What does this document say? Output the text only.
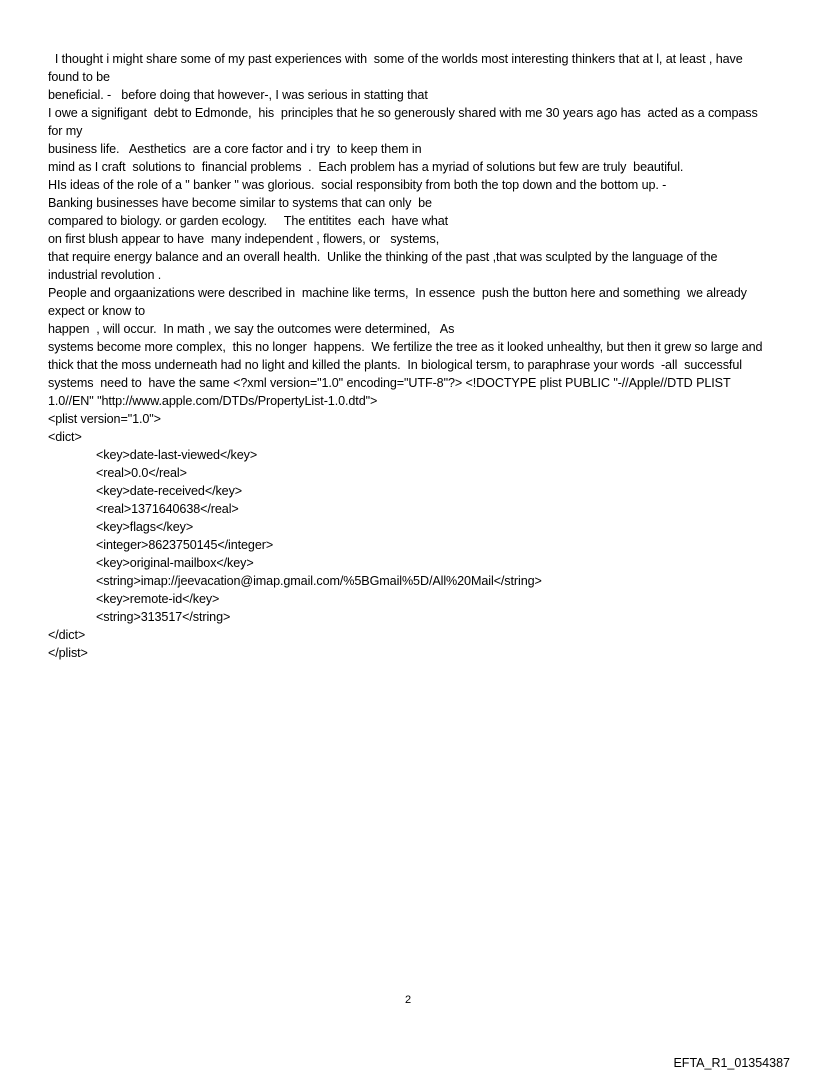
I thought i might share some of my past experiences with  some of the worlds most interesting thinkers that at l, at least , have found to be

beneficial. -   before doing that however-, I was serious in statting that

I owe a signifigant  debt to Edmonde,  his  principles that he so generously shared with me 30 years ago has  acted as a compass for my

business life.   Aesthetics  are a core factor and i try  to keep them in

mind as I craft  solutions to  financial problems  .  Each problem has a myriad of solutions but few are truly  beautiful.

HIs ideas of the role of a " banker " was glorious.  social responsibity from both the top down and the bottom up. -

Banking businesses have become similar to systems that can only  be

compared to biology. or garden ecology.     The entitites  each  have what

on first blush appear to have  many independent , flowers, or   systems,

that require energy balance and an overall health.  Unlike the thinking of the past ,that was sculpted by the language of the industrial revolution .

People and orgaanizations were described in  machine like terms,  In essence  push the button here and something  we already expect or know to

happen  , will occur.  In math , we say the outcomes were determined,   As

systems become more complex,  this no longer  happens.  We fertilize the tree as it looked unhealthy, but then it grew so large and thick that the moss underneath had no light and killed the plants.  In biological tersm, to paraphrase your words  -all  successful systems  need to  have the same <?xml version="1.0" encoding="UTF-8"?> <!DOCTYPE plist PUBLIC "-//Apple//DTD PLIST 1.0//EN" "http://www.apple.com/DTDs/PropertyList-1.0.dtd">

<plist version="1.0">

<dict>

<key>date-last-viewed</key>

<real>0.0</real>

<key>date-received</key>

<real>1371640638</real>

<key>flags</key>

<integer>8623750145</integer>

<key>original-mailbox</key>

<string>imap://jeevacation@imap.gmail.com/%5BGmail%5D/All%20Mail</string>

<key>remote-id</key>

<string>313517</string>

</dict>

</plist>

2
EFTA_R1_01354387
